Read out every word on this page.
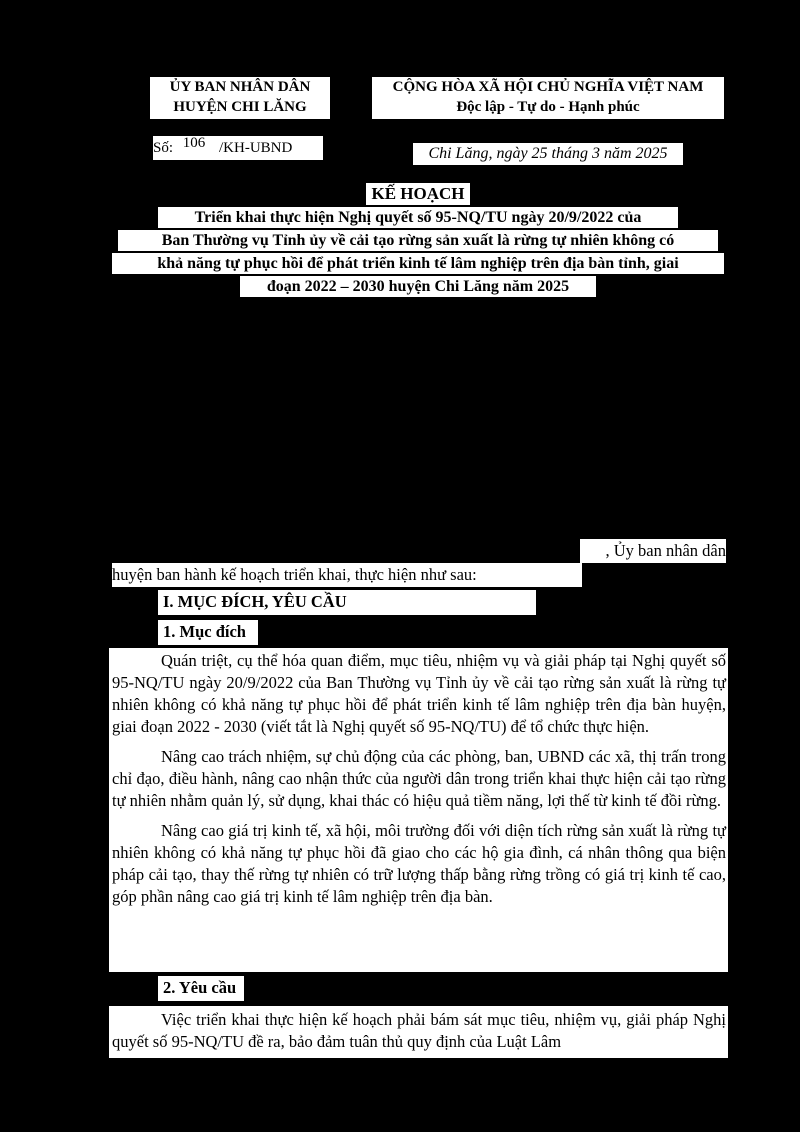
ỦY BAN NHÂN DÂN
HUYỆN CHI LĂNG
CỘNG HÒA XÃ HỘI CHỦ NGHĨA VIỆT NAM
Độc lập - Tự do - Hạnh phúc
Số: 106 /KH-UBND	Chi Lăng, ngày 25 tháng 3 năm 2025
KẾ HOẠCH
Triển khai thực hiện Nghị quyết số 95-NQ/TU ngày 20/9/2022 của
Ban Thường vụ Tỉnh ủy về cải tạo rừng sản xuất là rừng tự nhiên không có
khả năng tự phục hồi để phát triển kinh tế lâm nghiệp trên địa bàn tỉnh, giai
đoạn 2022 – 2030 huyện Chi Lăng năm 2025
, Ủy ban nhân dân
huyện ban hành kế hoạch triển khai, thực hiện như sau:
I. MỤC ĐÍCH, YÊU CẦU
1. Mục đích
Quán triệt, cụ thể hóa quan điểm, mục tiêu, nhiệm vụ và giải pháp tại Nghị quyết số 95-NQ/TU ngày 20/9/2022 của Ban Thường vụ Tỉnh ủy về cải tạo rừng sản xuất là rừng tự nhiên không có khả năng tự phục hồi để phát triển kinh tế lâm nghiệp trên địa bàn huyện, giai đoạn 2022 - 2030 (viết tắt là Nghị quyết số 95-NQ/TU) để tổ chức thực hiện.
Nâng cao trách nhiệm, sự chủ động của các phòng, ban, UBND các xã, thị trấn trong chỉ đạo, điều hành, nâng cao nhận thức của người dân trong triển khai thực hiện cải tạo rừng tự nhiên nhằm quản lý, sử dụng, khai thác có hiệu quả tiềm năng, lợi thế từ kinh tế đồi rừng.
Nâng cao giá trị kinh tế, xã hội, môi trường đối với diện tích rừng sản xuất là rừng tự nhiên không có khả năng tự phục hồi đã giao cho các hộ gia đình, cá nhân thông qua biện pháp cải tạo, thay thế rừng tự nhiên có trữ lượng thấp bằng rừng trồng có giá trị kinh tế cao, góp phần nâng cao giá trị kinh tế lâm nghiệp trên địa bàn.
2. Yêu cầu
Việc triển khai thực hiện kế hoạch phải bám sát mục tiêu, nhiệm vụ, giải pháp Nghị quyết số 95-NQ/TU đề ra, bảo đảm tuân thủ quy định của Luật Lâm
